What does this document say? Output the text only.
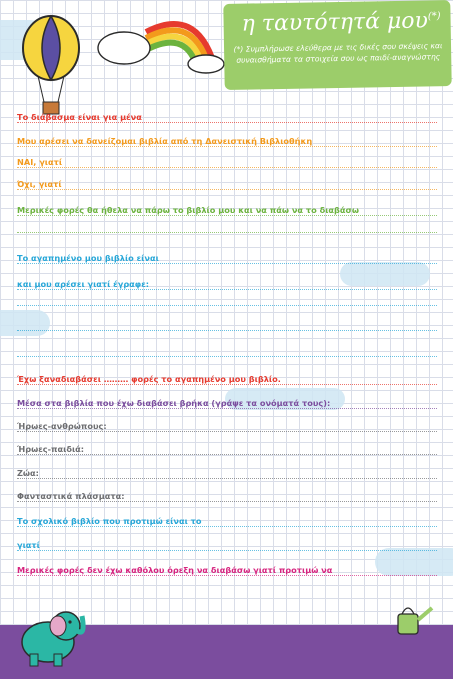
η ταυτότητά μου(*)
(*) Συμπλήρωσε ελεύθερα με τις δικές σου σκέψεις και συναισθήματα τα στοιχεία σου ως παιδί-αναγνώστης
Το διάβασμα είναι για μένα
Μου αρέσει να δανείζομαι βιβλία από τη Δανειστική Βιβλιοθήκη
ΝΑΙ, γιατί
Όχι, γιατί
Μερικές φορές θα ήθελα να πάρω το βιβλίο μου και να πάω να το διαβάσω
Το αγαπημένο μου βιβλίο είναι
και μου αρέσει γιατί έγραφε:
Έχω ξαναδιαβάσει ……… φορές το αγαπημένο μου βιβλίο.
Μέσα στα βιβλία που έχω διαβάσει βρήκα (γράψε τα ονόματά τους):
Ήρωες-ανθρώπους:
Ήρωες-παιδιά:
Ζώα:
Φανταστικά πλάσματα:
Το σχολικό βιβλίο που προτιμώ είναι το
γιατί
Μερικές φορές δεν έχω καθόλου όρεξη να διαβάσω γιατί προτιμώ να
